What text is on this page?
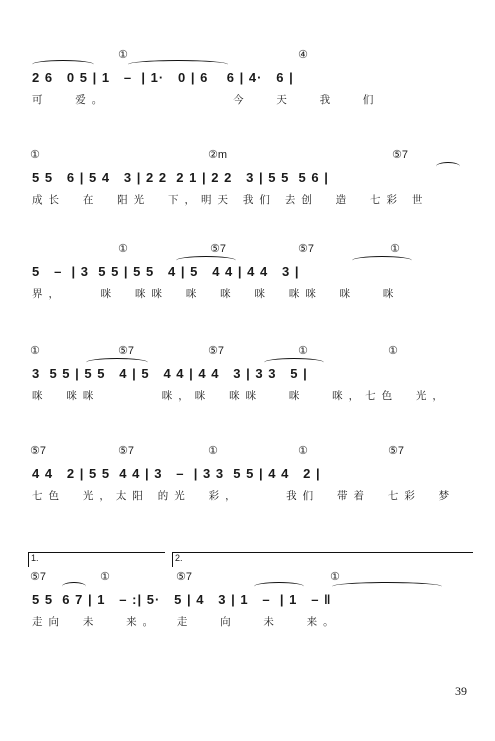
①	④
2 6   0 5 | 1   –  | 1·   0 | 6    6 | 4·   6 |
可   爱。              今   天   我   们
①	②m	⑤7
5 5   6 | 5 4   3 | 2 2  2 1 | 2 2   3 | 5 5  5 6 |
成长  在  阳光  下，明天 我们 去创  造  七彩 世
①	⑤7	⑤7	①
5   –  | 3  5 5 | 5 5   4 | 5   4 4 | 4 4   3 |
界，    咪  咪咪  咪  咪  咪  咪咪  咪   咪
①	⑤7	⑤7	①	①
3  5 5 | 5 5   4 | 5   4 4 | 4 4   3 | 3 3   5 |
咪  咪咪       咪，咪  咪咪   咪   咪，七色  光，
⑤7	⑤7	①	①	⑤7
4 4   2 | 5 5  4 4 | 3   –  | 3 3  5 5 | 4 4   2 |
七色  光，太阳 的光  彩，     我们  带着  七彩  梦
1.	2.
⑤7	①	⑤7	①
5 5  6 7 | 1   – :| 5·   5 | 4   3 | 1   –  | 1   – ‖
走向  未   来。  走   向   未   来。
39
